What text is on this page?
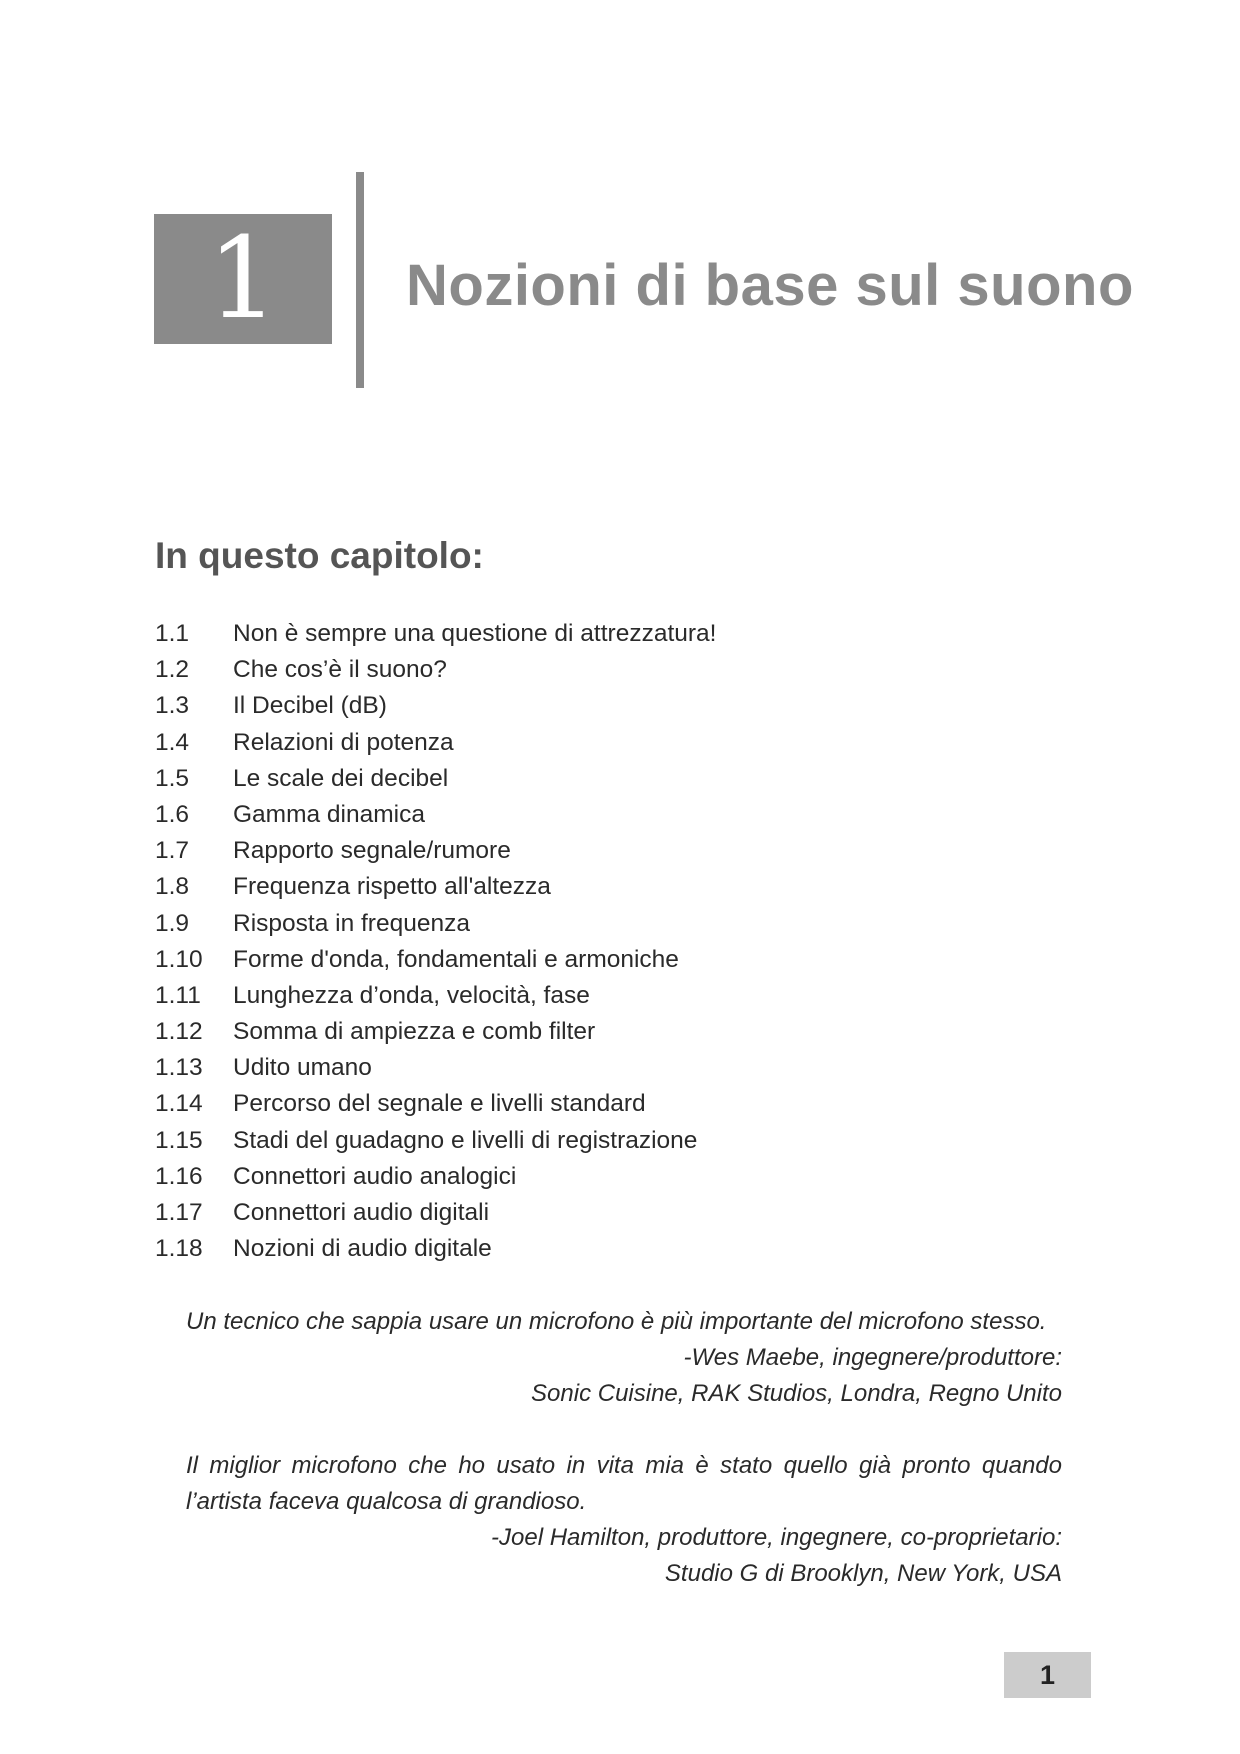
1 Nozioni di base sul suono
In questo capitolo:
1.1 Non è sempre una questione di attrezzatura!
1.2 Che cos’è il suono?
1.3 Il Decibel (dB)
1.4 Relazioni di potenza
1.5 Le scale dei decibel
1.6 Gamma dinamica
1.7 Rapporto segnale/rumore
1.8 Frequenza rispetto all'altezza
1.9 Risposta in frequenza
1.10 Forme d'onda, fondamentali e armoniche
1.11 Lunghezza d’onda, velocità, fase
1.12 Somma di ampiezza e comb filter
1.13 Udito umano
1.14 Percorso del segnale e livelli standard
1.15 Stadi del guadagno e livelli di registrazione
1.16 Connettori audio analogici
1.17 Connettori audio digitali
1.18 Nozioni di audio digitale

Un tecnico che sappia usare un microfono è più importante del microfono stesso.

-Wes Maebe, ingegnere/produttore:

Sonic Cuisine, RAK Studios, Londra, Regno Unito

Il miglior microfono che ho usato in vita mia è stato quello già pronto quando l’artista faceva qualcosa di grandioso.

-Joel Hamilton, produttore, ingegnere, co-proprietario:

Studio G di Brooklyn, New York, USA

1
